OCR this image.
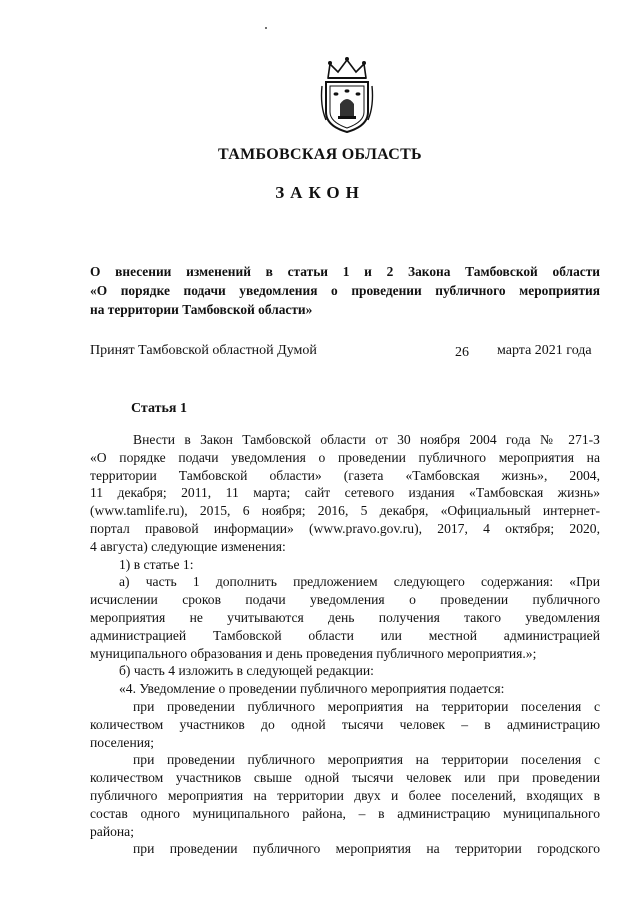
ТАМБОВСКАЯ ОБЛАСТЬ
ЗАКОН

О внесении изменений в статьи 1 и 2 Закона Тамбовской области

«О порядке подачи уведомления о проведении публичного мероприятия

на территории Тамбовской области»

Принят Тамбовской областной Думой	26 марта 2021 года
Статья 1
Внести в Закон Тамбовской области от 30 ноября 2004 года № 271-З
«О порядке подачи уведомления о проведении публичного мероприятия на
территории Тамбовской области» (газета «Тамбовская жизнь», 2004,
11 декабря; 2011, 11 марта; сайт сетевого издания «Тамбовская жизнь»
(www.tamlife.ru), 2015, 6 ноября; 2016, 5 декабря, «Официальный интернет-
портал правовой информации» (www.pravo.gov.ru), 2017, 4 октября; 2020,
4 августа) следующие изменения:
1) в статье 1:
а) часть 1 дополнить предложением следующего содержания: «При
исчислении сроков подачи уведомления о проведении публичного
мероприятия не учитываются день получения такого уведомления
администрацией Тамбовской области или местной администрацией
муниципального образования и день проведения публичного мероприятия.»;
б) часть 4 изложить в следующей редакции:
«4. Уведомление о проведении публичного мероприятия подается:
при проведении публичного мероприятия на территории поселения с
количеством участников до одной тысячи человек – в администрацию
поселения;
при проведении публичного мероприятия на территории поселения с
количеством участников свыше одной тысячи человек или при проведении
публичного мероприятия на территории двух и более поселений, входящих в
состав одного муниципального района, – в администрацию муниципального
района;
при проведении публичного мероприятия на территории городского
